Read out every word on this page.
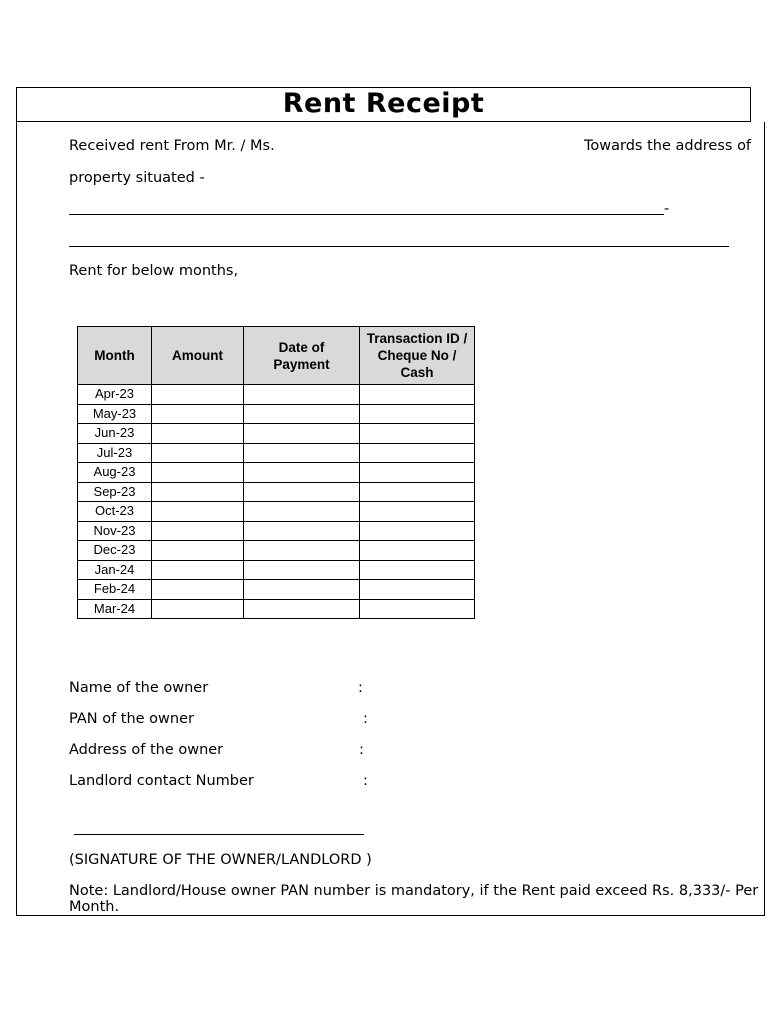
Rent Receipt
Received rent From Mr. / Ms.	Towards the address of
property situated -
-
Rent for below months,
Month	Amount	Date of Payment	Transaction ID / Cheque No / Cash
Apr-23			
May-23			
Jun-23			
Jul-23			
Aug-23			
Sep-23			
Oct-23			
Nov-23			
Dec-23			
Jan-24			
Feb-24			
Mar-24			
Name of the owner	:
PAN of the owner	:
Address of the owner	:
Landlord contact Number	:
(SIGNATURE OF THE OWNER/LANDLORD )
Note: Landlord/House owner PAN number is mandatory, if the Rent paid exceed Rs. 8,333/- Per Month.
